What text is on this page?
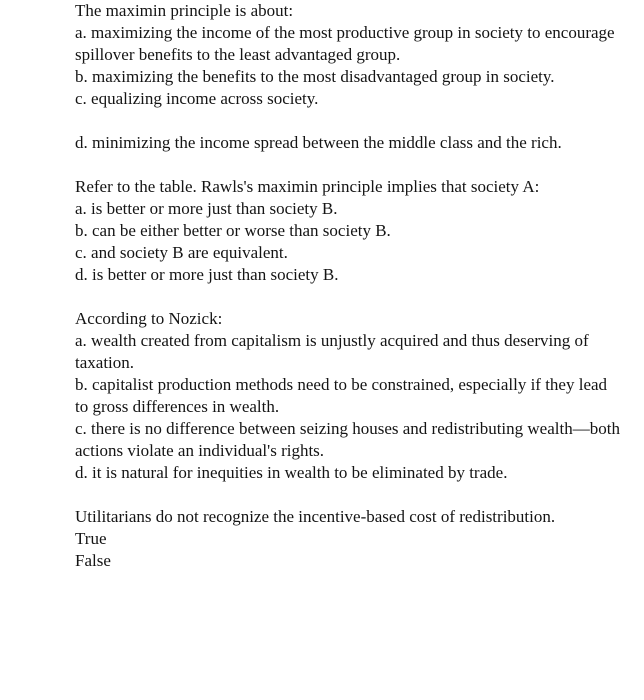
The maximin principle is about:
a. maximizing the income of the most productive group in society to encourage spillover benefits to the least advantaged group.
b. maximizing the benefits to the most disadvantaged group in society.
c. equalizing income across society.
d. minimizing the income spread between the middle class and the rich.
Refer to the table. Rawls's maximin principle implies that society A:
a. is better or more just than society B.
b. can be either better or worse than society B.
c. and society B are equivalent.
d. is better or more just than society B.
According to Nozick:
a. wealth created from capitalism is unjustly acquired and thus deserving of taxation.
b. capitalist production methods need to be constrained, especially if they lead to gross differences in wealth.
c. there is no difference between seizing houses and redistributing wealth—both actions violate an individual's rights.
d. it is natural for inequities in wealth to be eliminated by trade.
Utilitarians do not recognize the incentive-based cost of redistribution.
True
False
